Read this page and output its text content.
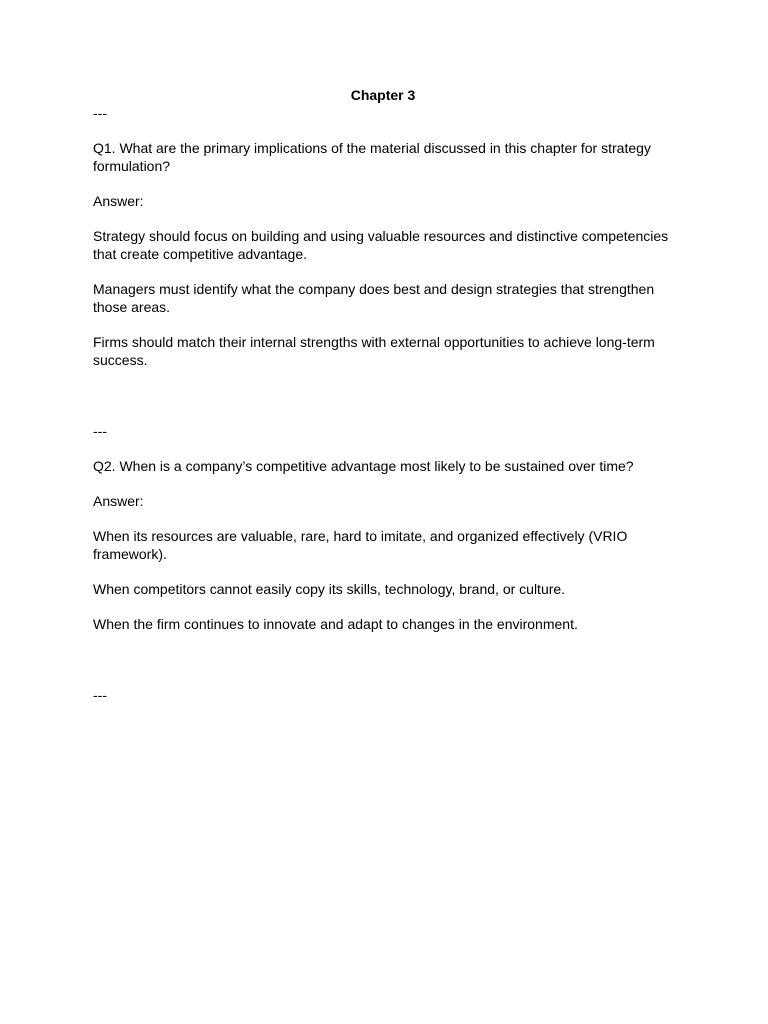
Chapter 3
---
Q1. What are the primary implications of the material discussed in this chapter for strategy formulation?
Answer:
Strategy should focus on building and using valuable resources and distinctive competencies that create competitive advantage.
Managers must identify what the company does best and design strategies that strengthen those areas.
Firms should match their internal strengths with external opportunities to achieve long-term success.
---
Q2. When is a company’s competitive advantage most likely to be sustained over time?
Answer:
When its resources are valuable, rare, hard to imitate, and organized effectively (VRIO framework).
When competitors cannot easily copy its skills, technology, brand, or culture.
When the firm continues to innovate and adapt to changes in the environment.
---
